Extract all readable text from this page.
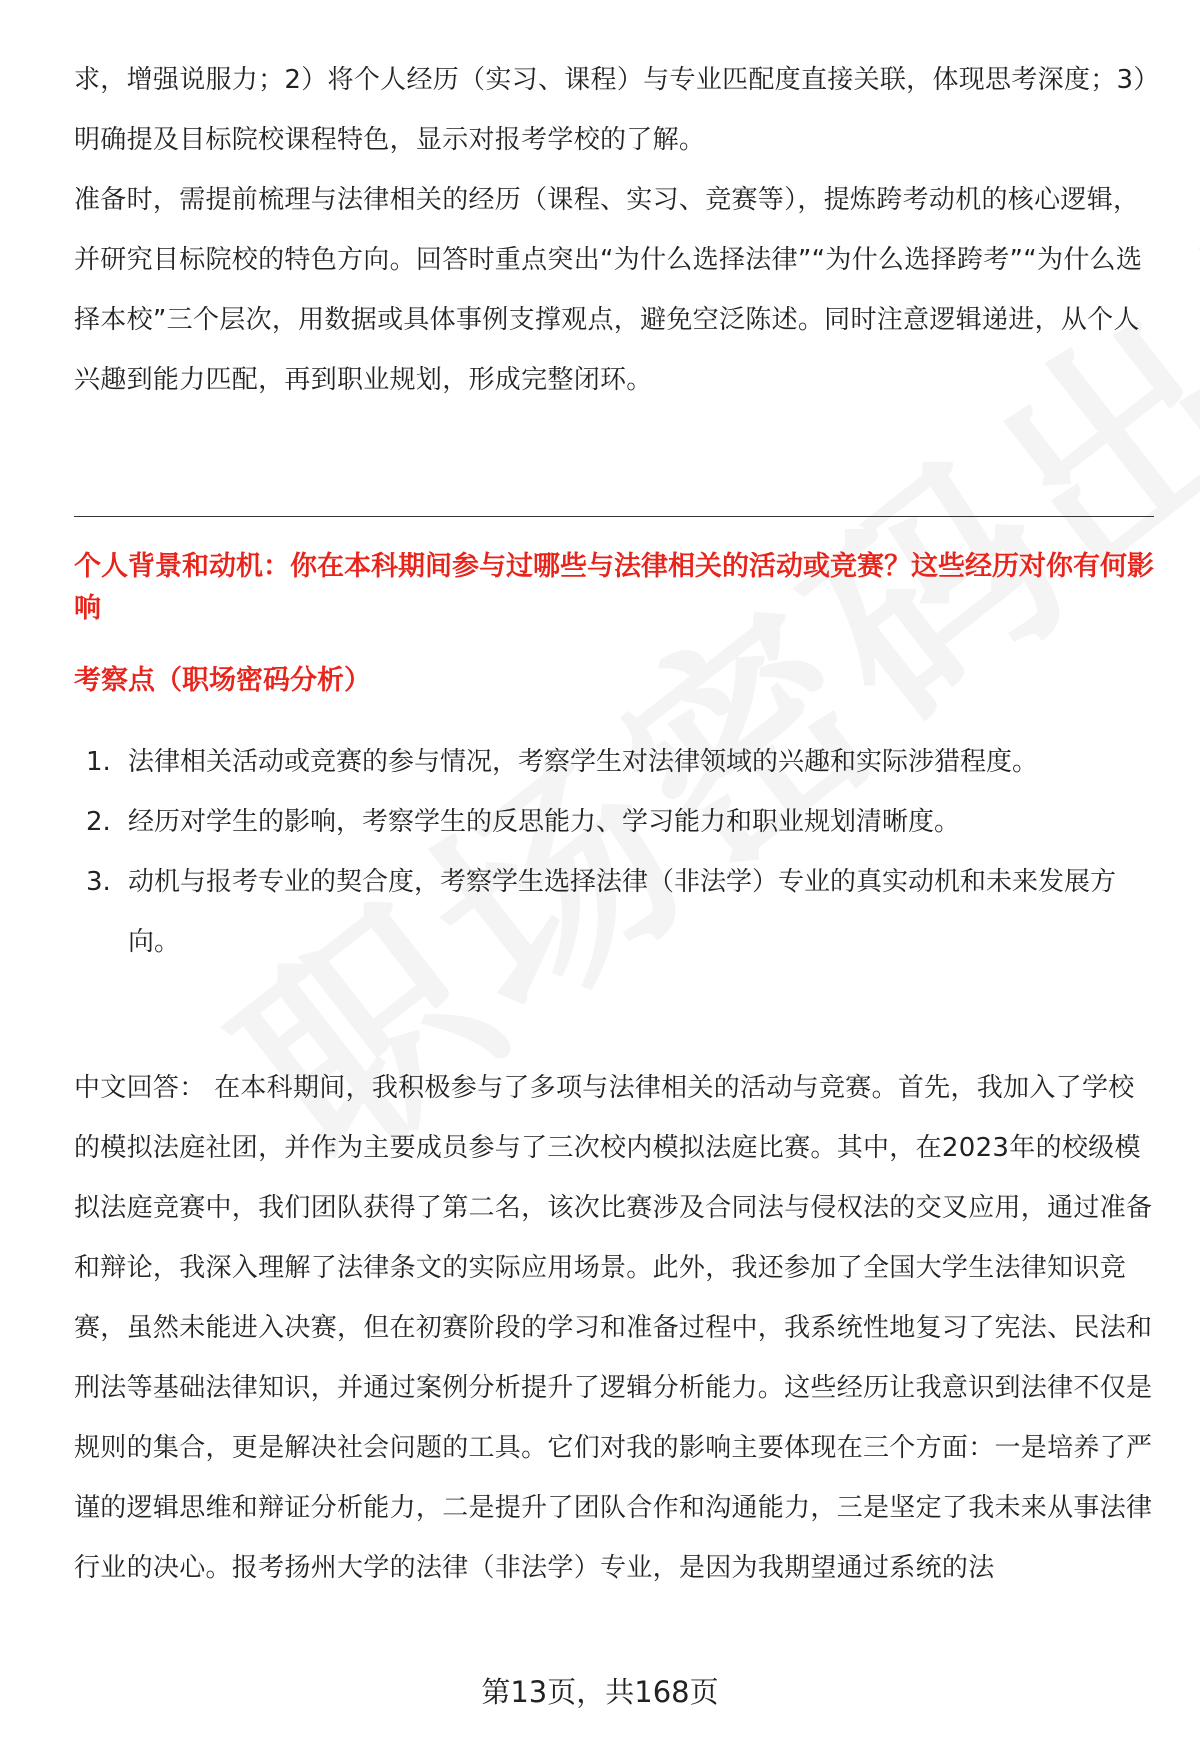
求，增强说服力；2）将个人经历（实习、课程）与专业匹配度直接关联，体现思考深度；3）明确提及目标院校课程特色，显示对报考学校的了解。

准备时，需提前梳理与法律相关的经历（课程、实习、竞赛等），提炼跨考动机的核心逻辑，并研究目标院校的特色方向。回答时重点突出“为什么选择法律”“为什么选择跨考”“为什么选择本校”三个层次，用数据或具体事例支撑观点，避免空泛陈述。同时注意逻辑递进，从个人兴趣到能力匹配，再到职业规划，形成完整闭环。

个人背景和动机：你在本科期间参与过哪些与法律相关的活动或竞赛？这些经历对你有何影响
考察点（职场密码分析）
1. 法律相关活动或竞赛的参与情况，考察学生对法律领域的兴趣和实际涉猎程度。
2. 经历对学生的影响，考察学生的反思能力、学习能力和职业规划清晰度。
3. 动机与报考专业的契合度，考察学生选择法律（非法学）专业的真实动机和未来发展方向。

中文回答： 在本科期间，我积极参与了多项与法律相关的活动与竞赛。首先，我加入了学校的模拟法庭社团，并作为主要成员参与了三次校内模拟法庭比赛。其中，在2023年的校级模拟法庭竞赛中，我们团队获得了第二名，该次比赛涉及合同法与侵权法的交叉应用，通过准备和辩论，我深入理解了法律条文的实际应用场景。此外，我还参加了全国大学生法律知识竞赛，虽然未能进入决赛，但在初赛阶段的学习和准备过程中，我系统性地复习了宪法、民法和刑法等基础法律知识，并通过案例分析提升了逻辑分析能力。这些经历让我意识到法律不仅是规则的集合，更是解决社会问题的工具。它们对我的影响主要体现在三个方面：一是培养了严谨的逻辑思维和辩证分析能力，二是提升了团队合作和沟通能力，三是坚定了我未来从事法律行业的决心。报考扬州大学的法律（非法学）专业，是因为我期望通过系统的法

第13页，共168页
